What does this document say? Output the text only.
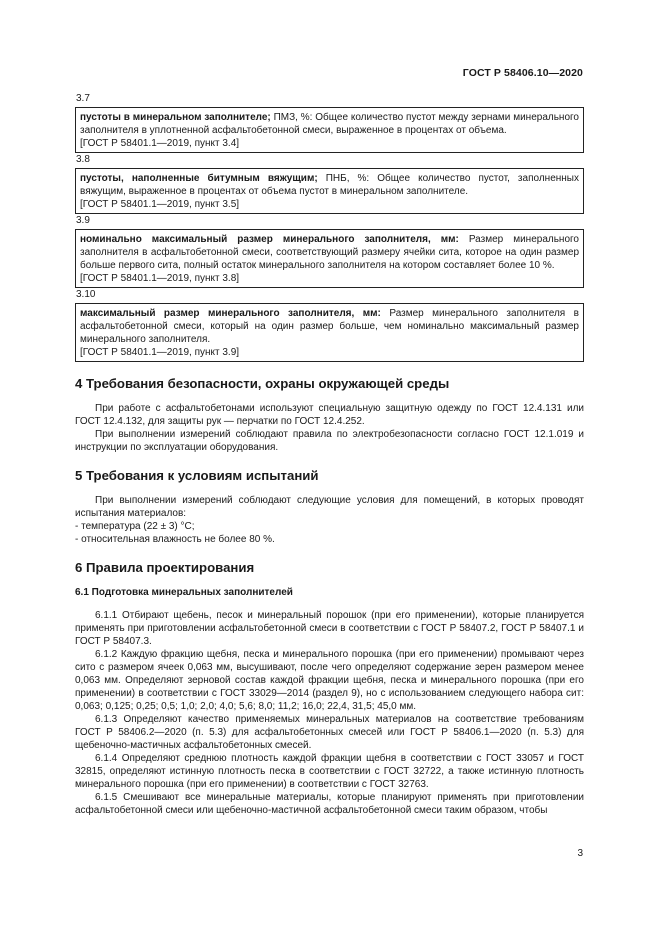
ГОСТ Р 58406.10—2020
3.7

пустоты в минеральном заполнителе; ПМЗ, %: Общее количество пустот между зернами минерального заполнителя в уплотненной асфальтобетонной смеси, выраженное в процентах от объема.

[ГОСТ Р 58401.1—2019, пункт 3.4]

3.8

пустоты, наполненные битумным вяжущим; ПНБ, %: Общее количество пустот, заполненных вяжущим, выраженное в процентах от объема пустот в минеральном заполнителе.

[ГОСТ Р 58401.1—2019, пункт 3.5]

3.9

номинально максимальный размер минерального заполнителя, мм: Размер минерального заполнителя в асфальтобетонной смеси, соответствующий размеру ячейки сита, которое на один размер больше первого сита, полный остаток минерального заполнителя на котором составляет более 10 %.

[ГОСТ Р 58401.1—2019, пункт 3.8]

3.10

максимальный размер минерального заполнителя, мм: Размер минерального заполнителя в асфальтобетонной смеси, который на один размер больше, чем номинально максимальный размер минерального заполнителя.

[ГОСТ Р 58401.1—2019, пункт 3.9]

4 Требования безопасности, охраны окружающей среды

При работе с асфальтобетонами используют специальную защитную одежду по ГОСТ 12.4.131 или ГОСТ 12.4.132, для защиты рук — перчатки по ГОСТ 12.4.252.

При выполнении измерений соблюдают правила по электробезопасности согласно ГОСТ 12.1.019 и инструкции по эксплуатации оборудования.

5 Требования к условиям испытаний

При выполнении измерений соблюдают следующие условия для помещений, в которых проводят испытания материалов:

- температура (22 ± 3) °C;

- относительная влажность не более 80 %.

6 Правила проектирования
6.1 Подготовка минеральных заполнителей

6.1.1 Отбирают щебень, песок и минеральный порошок (при его применении), которые планируется применять при приготовлении асфальтобетонной смеси в соответствии с ГОСТ Р 58407.2, ГОСТ Р 58407.1 и ГОСТ Р 58407.3.

6.1.2 Каждую фракцию щебня, песка и минерального порошка (при его применении) промывают через сито с размером ячеек 0,063 мм, высушивают, после чего определяют содержание зерен размером менее 0,063 мм. Определяют зерновой состав каждой фракции щебня, песка и минерального порошка (при его применении) в соответствии с ГОСТ 33029—2014 (раздел 9), но с использованием следующего набора сит: 0,063; 0,125; 0,25; 0,5; 1,0; 2,0; 4,0; 5,6; 8,0; 11,2; 16,0; 22,4, 31,5; 45,0 мм.

6.1.3 Определяют качество применяемых минеральных материалов на соответствие требованиям ГОСТ Р 58406.2—2020 (п. 5.3) для асфальтобетонных смесей или ГОСТ Р 58406.1—2020 (п. 5.3) для щебеночно-мастичных асфальтобетонных смесей.

6.1.4 Определяют среднюю плотность каждой фракции щебня в соответствии с ГОСТ 33057 и ГОСТ 32815, определяют истинную плотность песка в соответствии с ГОСТ 32722, а также истинную плотность минерального порошка (при его применении) в соответствии с ГОСТ 32763.

6.1.5 Смешивают все минеральные материалы, которые планируют применять при приготовлении асфальтобетонной смеси или щебеночно-мастичной асфальтобетонной смеси таким образом, чтобы

3
